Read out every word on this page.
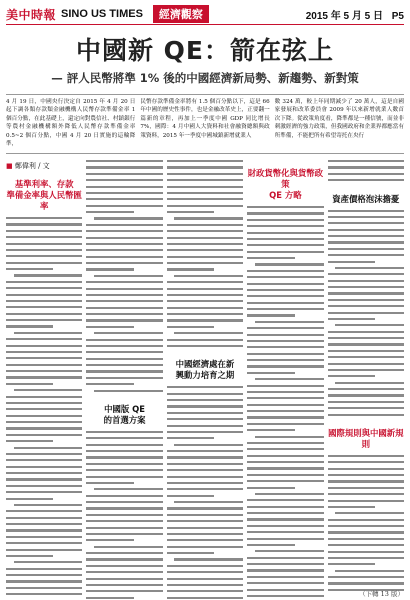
美中時報 SINO US TIMES	經濟觀察	2015 年 5 月 5 日 P5
中國新 QE：箭在弦上
— 評人民幣將準 1% 後的中國經濟新局勢、新趨勢、新對策
4 月 19 日，中國央行決定自 2015 年 4 月 20 日起下調各類存款類金融機構人民幣存款準備金率 1 個百分點，在此基礎上，還定向對農信社、村鎮銀行等農村金融機構額外降低人民幣存款準備金率 0.5~2 個百分點，中國 4 月 20 日實施的這輪降準，
民幣存款準備金率將有 1.5 個百分點以下，這是 66 年中國的歷史性事件，也是金融改革史上，正要翻一篇新的章程，再加上一季度中國 GDP 同比增長 7%，國際：4 月中國人大資料和社會融資總額與政策資料，2015 年一季度中國城鎮新增就業人
數 324 萬，較上年同期減少了 20 萬人，這是自國家發展和改革委員會 2009 年以來新增就業人數首次下降。從政策角度看，降準都是一種信號，而並非刺激經濟的強力政策，但我國政府和企業界都應當有所準備，不能把所有希望寄托在央行
■ 鄭偉利 / 文
基準利率、存款
準備金率與人民幣匯率
中國版 QE
的首選方案
中國經濟處在新
興動力培育之期
財政貨幣化與貨幣政策
QE 方略	資產價格泡沫擔憂
國際規則與中國新規則
（下轉 13 版）
